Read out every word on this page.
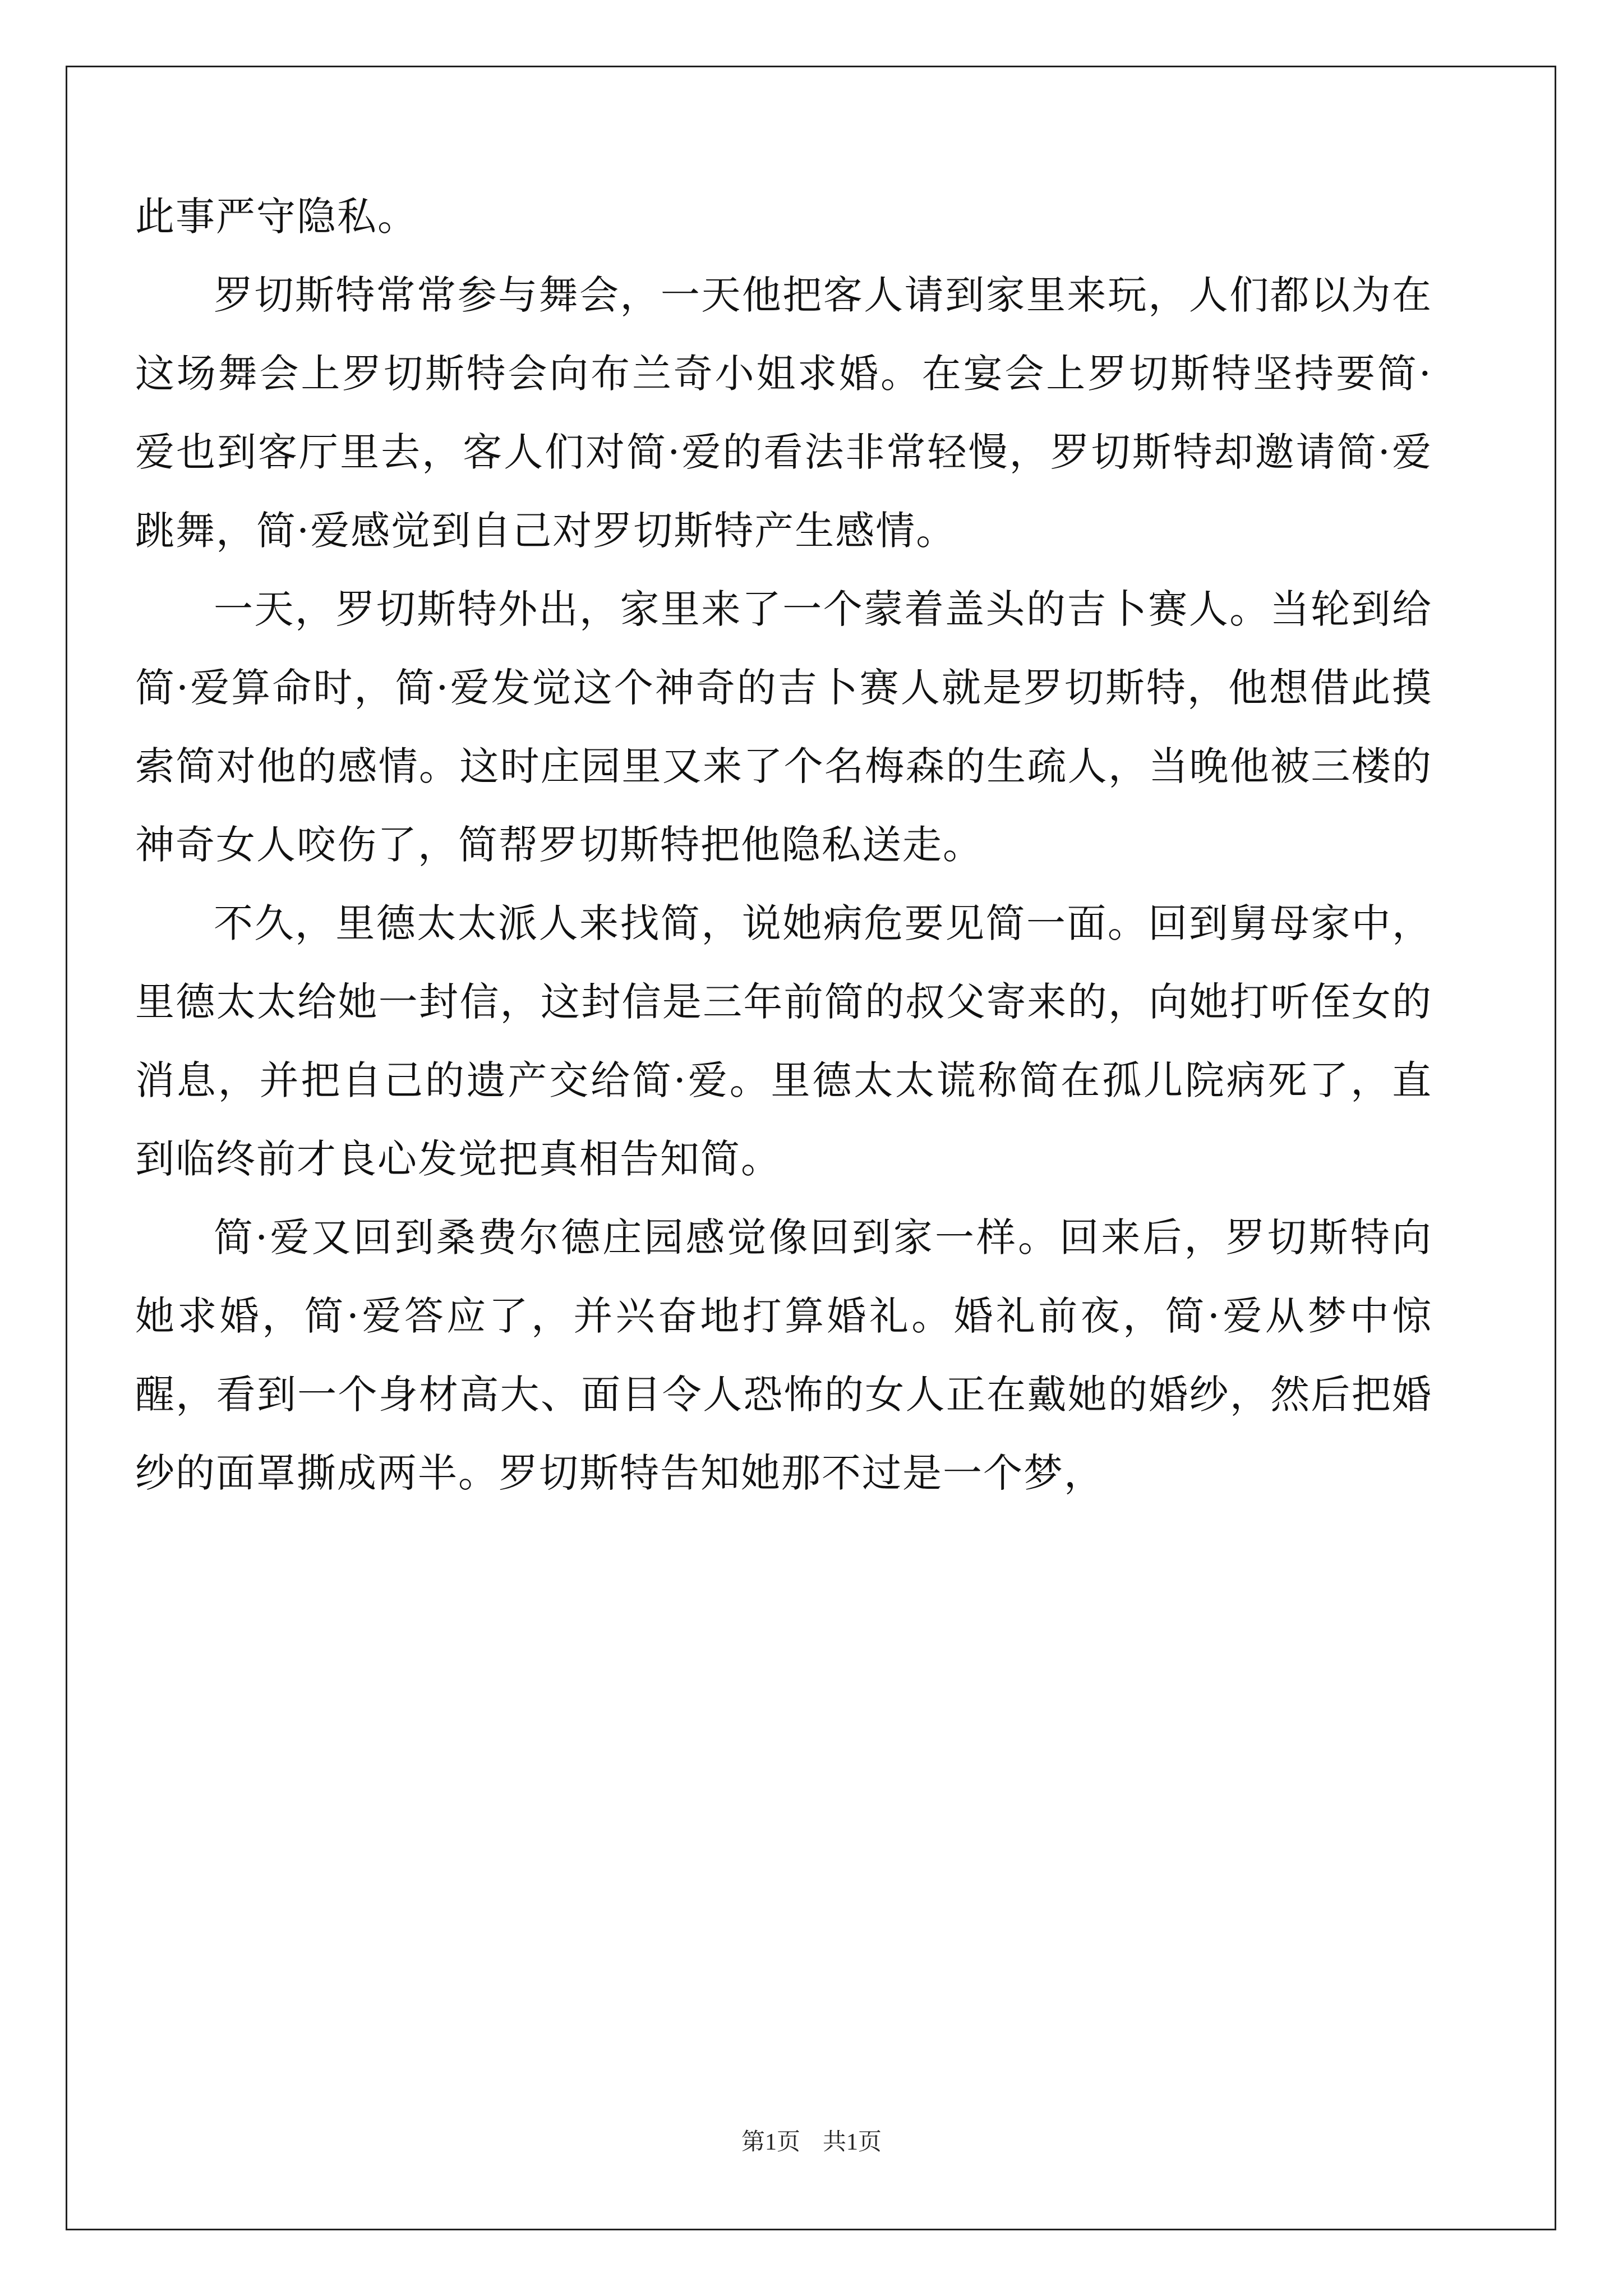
此事严守隐私。

罗切斯特常常参与舞会，一天他把客人请到家里来玩，人们都以为在这场舞会上罗切斯特会向布兰奇小姐求婚。在宴会上罗切斯特坚持要简·爱也到客厅里去，客人们对简·爱的看法非常轻慢，罗切斯特却邀请简·爱跳舞，简·爱感觉到自己对罗切斯特产生感情。

一天，罗切斯特外出，家里来了一个蒙着盖头的吉卜赛人。当轮到给简·爱算命时，简·爱发觉这个神奇的吉卜赛人就是罗切斯特，他想借此摸索简对他的感情。这时庄园里又来了个名梅森的生疏人，当晚他被三楼的神奇女人咬伤了，简帮罗切斯特把他隐私送走。

不久，里德太太派人来找简，说她病危要见简一面。回到舅母家中，里德太太给她一封信，这封信是三年前简的叔父寄来的，向她打听侄女的消息，并把自己的遗产交给简·爱。里德太太谎称简在孤儿院病死了，直到临终前才良心发觉把真相告知简。

简·爱又回到桑费尔德庄园感觉像回到家一样。回来后，罗切斯特向她求婚，简·爱答应了，并兴奋地打算婚礼。婚礼前夜，简·爱从梦中惊醒，看到一个身材高大、面目令人恐怖的女人正在戴她的婚纱，然后把婚纱的面罩撕成两半。罗切斯特告知她那不过是一个梦，

第1页 共1页
